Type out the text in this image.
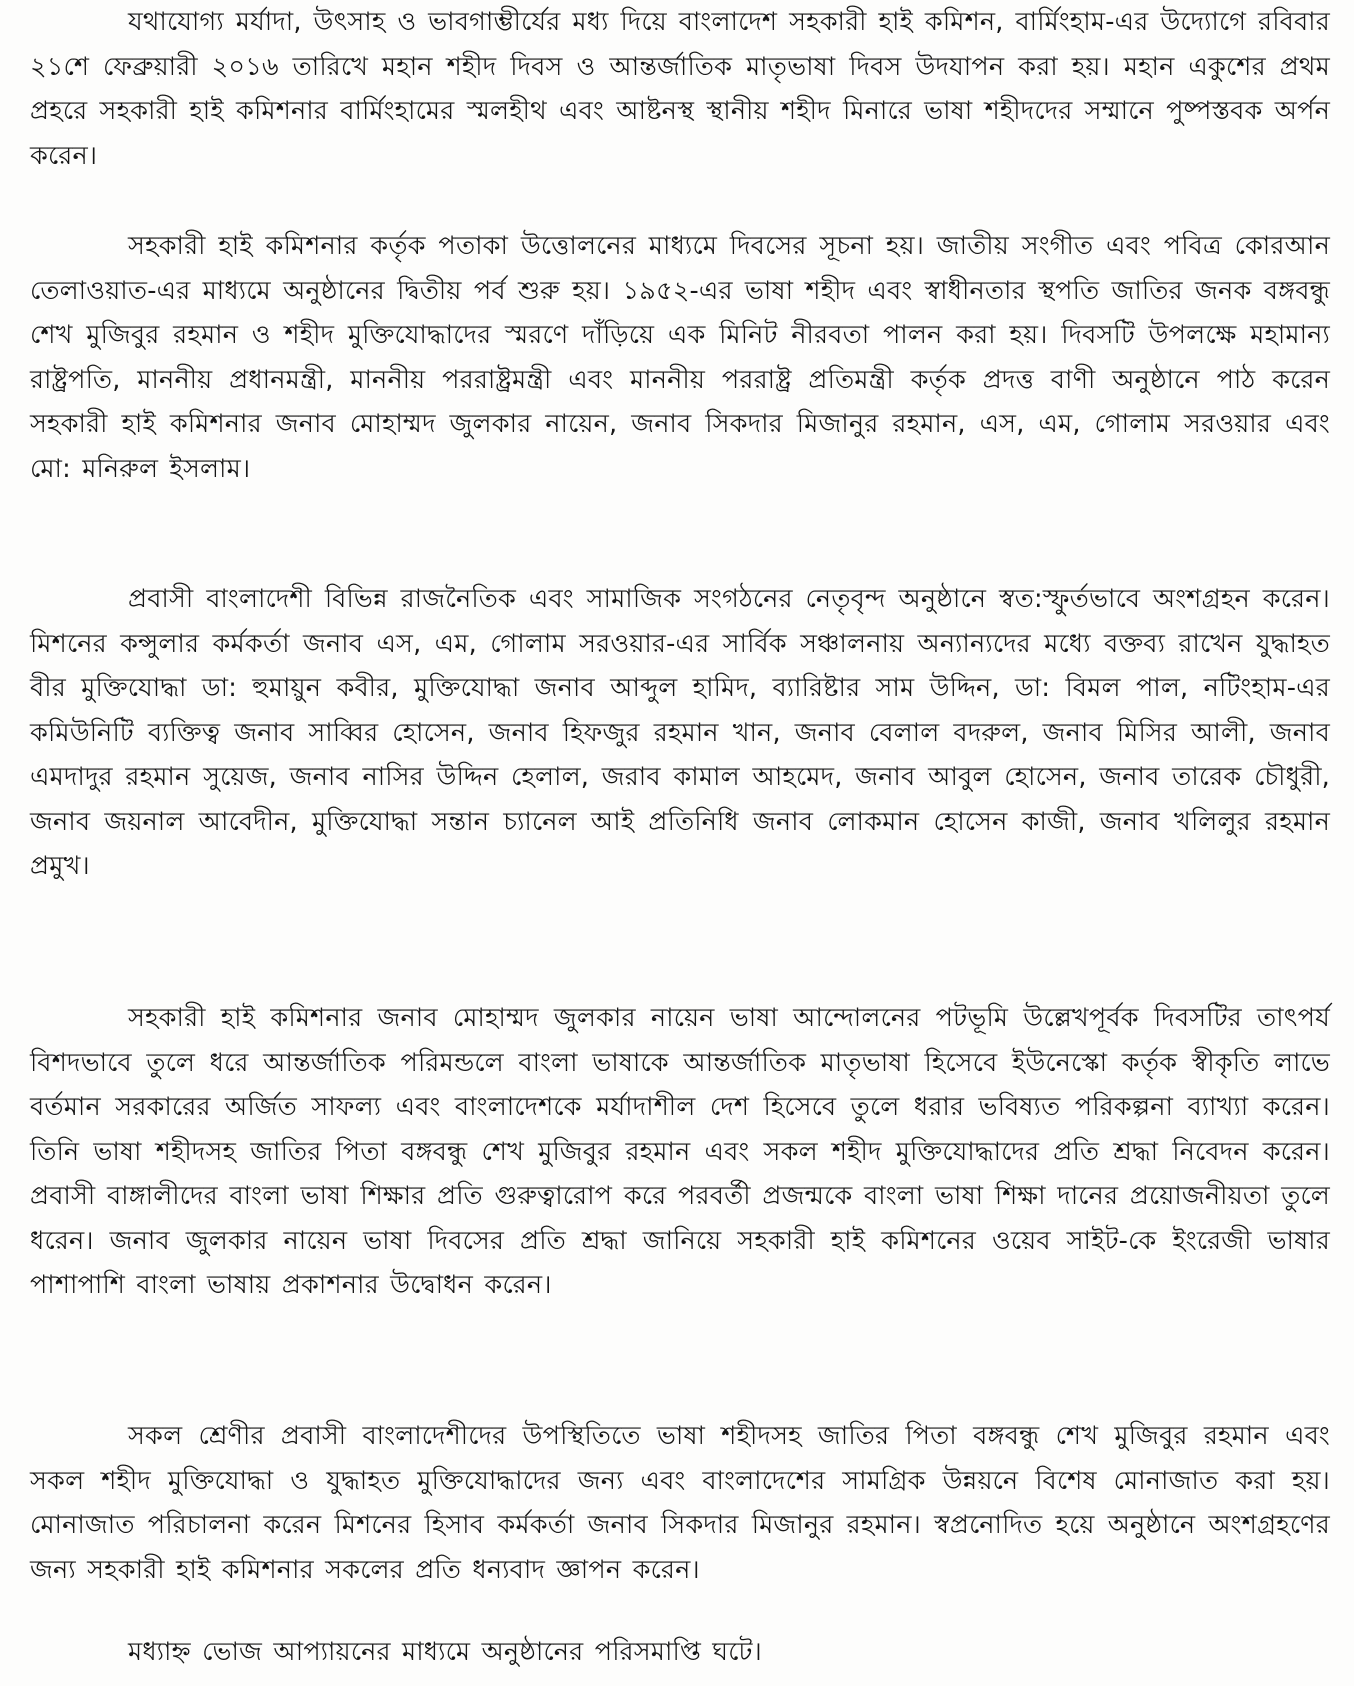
যথাযোগ্য মর্যাদা, উৎসাহ ও ভাবগাম্ভীর্যের মধ্য দিয়ে বাংলাদেশ সহকারী হাই কমিশন, বার্মিংহাম-এর উদ্যোগে রবিবার ২১শে ফেব্রুয়ারী ২০১৬ তারিখে মহান শহীদ দিবস ও আন্তর্জাতিক মাতৃভাষা দিবস উদযাপন করা হয়। মহান একুশের প্রথম প্রহরে সহকারী হাই কমিশনার বার্মিংহামের স্মলহীথ এবং আষ্টনস্থ স্থানীয় শহীদ মিনারে ভাষা শহীদদের সম্মানে পুষ্পস্তবক অর্পন করেন।

সহকারী হাই কমিশনার কর্তৃক পতাকা উত্তোলনের মাধ্যমে দিবসের সূচনা হয়। জাতীয় সংগীত এবং পবিত্র কোরআন তেলাওয়াত-এর মাধ্যমে অনুষ্ঠানের দ্বিতীয় পর্ব শুরু হয়। ১৯৫২-এর ভাষা শহীদ এবং স্বাধীনতার স্থপতি জাতির জনক বঙ্গবন্ধু শেখ মুজিবুর রহমান ও শহীদ মুক্তিযোদ্ধাদের স্মরণে দাঁড়িয়ে এক মিনিট নীরবতা পালন করা হয়। দিবসটি উপলক্ষে মহামান্য রাষ্ট্রপতি, মাননীয় প্রধানমন্ত্রী, মাননীয় পররাষ্ট্রমন্ত্রী এবং মাননীয় পররাষ্ট্র প্রতিমন্ত্রী কর্তৃক প্রদত্ত বাণী অনুষ্ঠানে পাঠ করেন সহকারী হাই কমিশনার জনাব মোহাম্মদ জুলকার নায়েন, জনাব সিকদার মিজানুর রহমান, এস, এম, গোলাম সরওয়ার এবং মো: মনিরুল ইসলাম।

প্রবাসী বাংলাদেশী বিভিন্ন রাজনৈতিক এবং সামাজিক সংগঠনের নেতৃবৃন্দ অনুষ্ঠানে স্বত:স্ফুর্তভাবে অংশগ্রহন করেন। মিশনের কন্সুলার কর্মকর্তা জনাব এস, এম, গোলাম সরওয়ার-এর সার্বিক সঞ্চালনায় অন্যান্যদের মধ্যে বক্তব্য রাখেন যুদ্ধাহত বীর মুক্তিযোদ্ধা ডা: হুমায়ুন কবীর, মুক্তিযোদ্ধা জনাব আব্দুল হামিদ, ব্যারিষ্টার সাম উদ্দিন, ডা: বিমল পাল, নটিংহাম-এর কমিউনিটি ব্যক্তিত্ব জনাব সাব্বির হোসেন, জনাব হিফজুর রহমান খান, জনাব বেলাল বদরুল, জনাব মিসির আলী, জনাব এমদাদুর রহমান সুয়েজ, জনাব নাসির উদ্দিন হেলাল, জরাব কামাল আহমেদ, জনাব আবুল হোসেন, জনাব তারেক চৌধুরী, জনাব জয়নাল আবেদীন, মুক্তিযোদ্ধা সন্তান চ্যানেল আই প্রতিনিধি জনাব লোকমান হোসেন কাজী, জনাব খলিলুর রহমান প্রমুখ।

সহকারী হাই কমিশনার জনাব মোহাম্মদ জুলকার নায়েন ভাষা আন্দোলনের পটভূমি উল্লেখপূর্বক দিবসটির তাৎপর্য বিশদভাবে তুলে ধরে আন্তর্জাতিক পরিমন্ডলে বাংলা ভাষাকে আন্তর্জাতিক মাতৃভাষা হিসেবে ইউনেস্কো কর্তৃক স্বীকৃতি লাভে বর্তমান সরকারের অর্জিত সাফল্য এবং বাংলাদেশকে মর্যাদাশীল দেশ হিসেবে তুলে ধরার ভবিষ্যত পরিকল্পনা ব্যাখ্যা করেন। তিনি ভাষা শহীদসহ জাতির পিতা বঙ্গবন্ধু শেখ মুজিবুর রহমান এবং সকল শহীদ মুক্তিযোদ্ধাদের প্রতি শ্রদ্ধা নিবেদন করেন। প্রবাসী বাঙ্গালীদের বাংলা ভাষা শিক্ষার প্রতি গুরুত্বারোপ করে পরবর্তী প্রজন্মকে বাংলা ভাষা শিক্ষা দানের প্রয়োজনীয়তা তুলে ধরেন। জনাব জুলকার নায়েন ভাষা দিবসের প্রতি শ্রদ্ধা জানিয়ে সহকারী হাই কমিশনের ওয়েব সাইট-কে ইংরেজী ভাষার পাশাপাশি বাংলা ভাষায় প্রকাশনার উদ্বোধন করেন।

সকল শ্রেণীর প্রবাসী বাংলাদেশীদের উপস্থিতিতে ভাষা শহীদসহ জাতির পিতা বঙ্গবন্ধু শেখ মুজিবুর রহমান এবং সকল শহীদ মুক্তিযোদ্ধা ও যুদ্ধাহত মুক্তিযোদ্ধাদের জন্য এবং বাংলাদেশের সামগ্রিক উন্নয়নে বিশেষ মোনাজাত করা হয়। মোনাজাত পরিচালনা করেন মিশনের হিসাব কর্মকর্তা জনাব সিকদার মিজানুর রহমান। স্বপ্রনোদিত হয়ে অনুষ্ঠানে অংশগ্রহণের জন্য সহকারী হাই কমিশনার সকলের প্রতি ধন্যবাদ জ্ঞাপন করেন।

মধ্যাহ্ন ভোজ আপ্যায়নের মাধ্যমে অনুষ্ঠানের পরিসমাপ্তি ঘটে।
